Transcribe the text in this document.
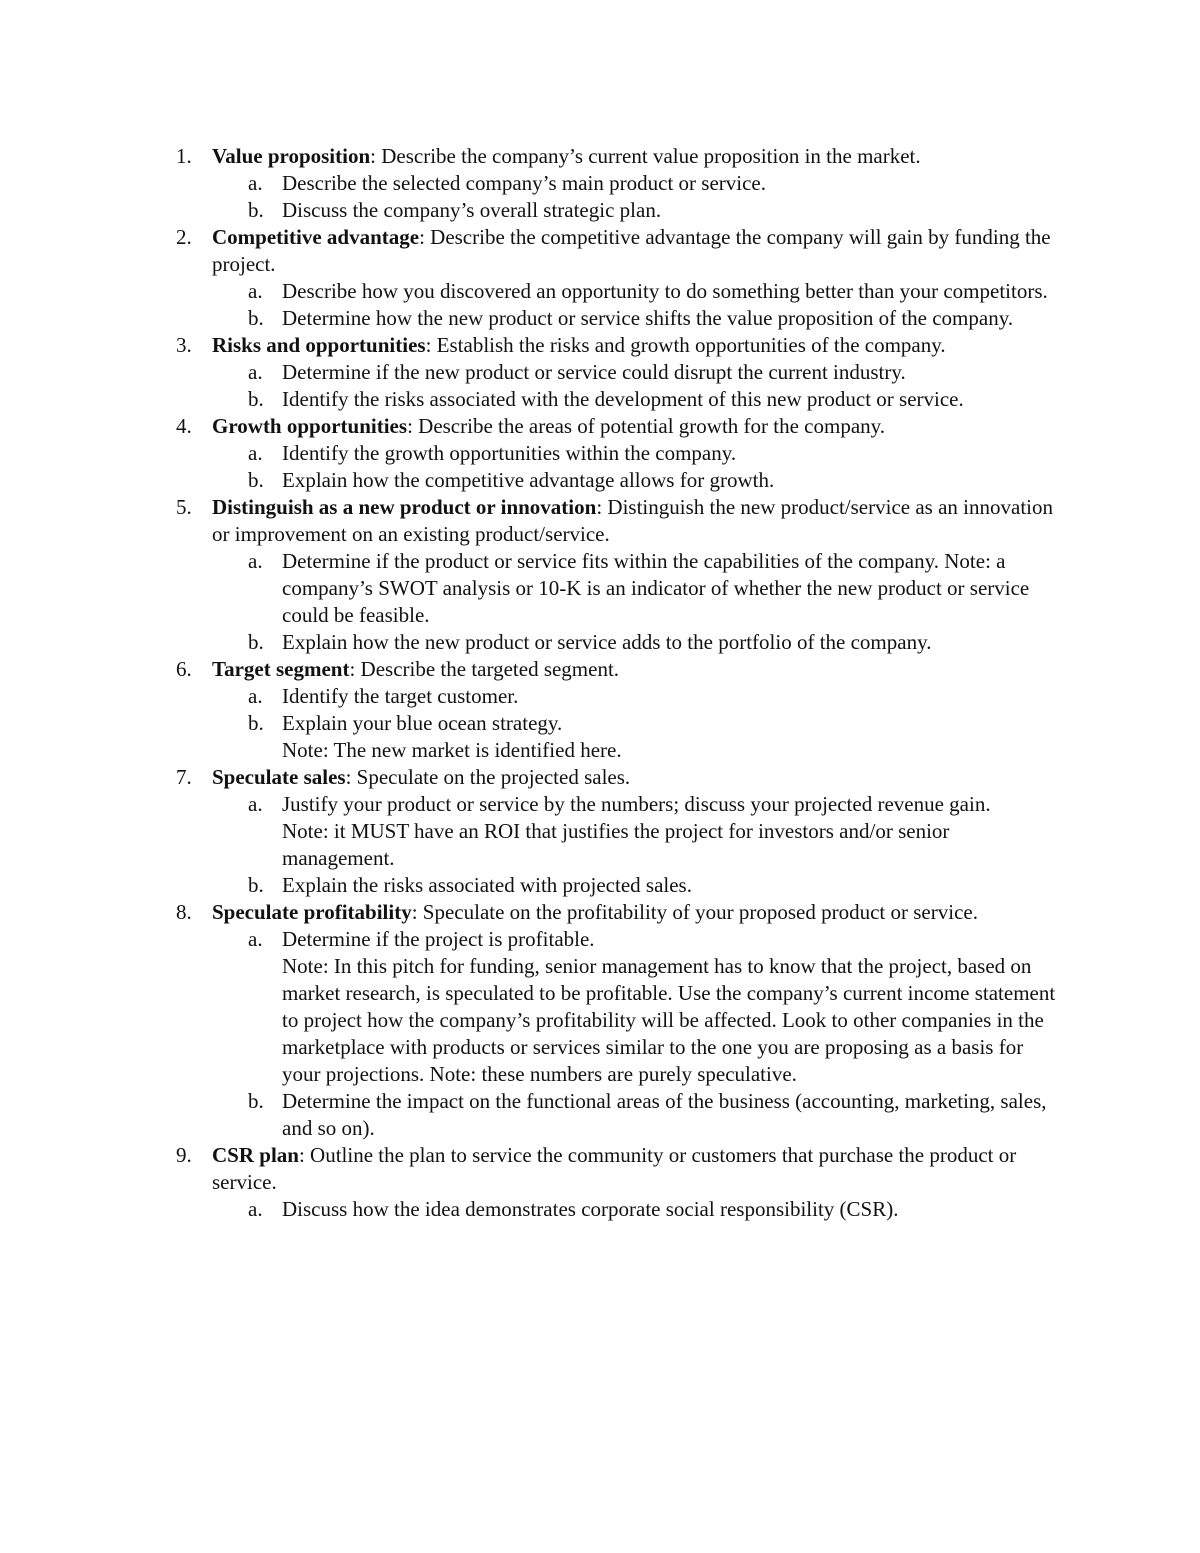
1. Value proposition: Describe the company’s current value proposition in the market.
a. Describe the selected company’s main product or service.
b. Discuss the company’s overall strategic plan.
2. Competitive advantage: Describe the competitive advantage the company will gain by funding the project.
a. Describe how you discovered an opportunity to do something better than your competitors.
b. Determine how the new product or service shifts the value proposition of the company.
3. Risks and opportunities: Establish the risks and growth opportunities of the company.
a. Determine if the new product or service could disrupt the current industry.
b. Identify the risks associated with the development of this new product or service.
4. Growth opportunities: Describe the areas of potential growth for the company.
a. Identify the growth opportunities within the company.
b. Explain how the competitive advantage allows for growth.
5. Distinguish as a new product or innovation: Distinguish the new product/service as an innovation or improvement on an existing product/service.
a. Determine if the product or service fits within the capabilities of the company. Note: a company’s SWOT analysis or 10-K is an indicator of whether the new product or service could be feasible.
b. Explain how the new product or service adds to the portfolio of the company.
6. Target segment: Describe the targeted segment.
a. Identify the target customer.
b. Explain your blue ocean strategy.
Note: The new market is identified here.
7. Speculate sales: Speculate on the projected sales.
a. Justify your product or service by the numbers; discuss your projected revenue gain.
Note: it MUST have an ROI that justifies the project for investors and/or senior management.
b. Explain the risks associated with projected sales.
8. Speculate profitability: Speculate on the profitability of your proposed product or service.
a. Determine if the project is profitable.
Note: In this pitch for funding, senior management has to know that the project, based on market research, is speculated to be profitable. Use the company’s current income statement to project how the company’s profitability will be affected. Look to other companies in the marketplace with products or services similar to the one you are proposing as a basis for your projections. Note: these numbers are purely speculative.
b. Determine the impact on the functional areas of the business (accounting, marketing, sales, and so on).
9. CSR plan: Outline the plan to service the community or customers that purchase the product or service.
a. Discuss how the idea demonstrates corporate social responsibility (CSR).
